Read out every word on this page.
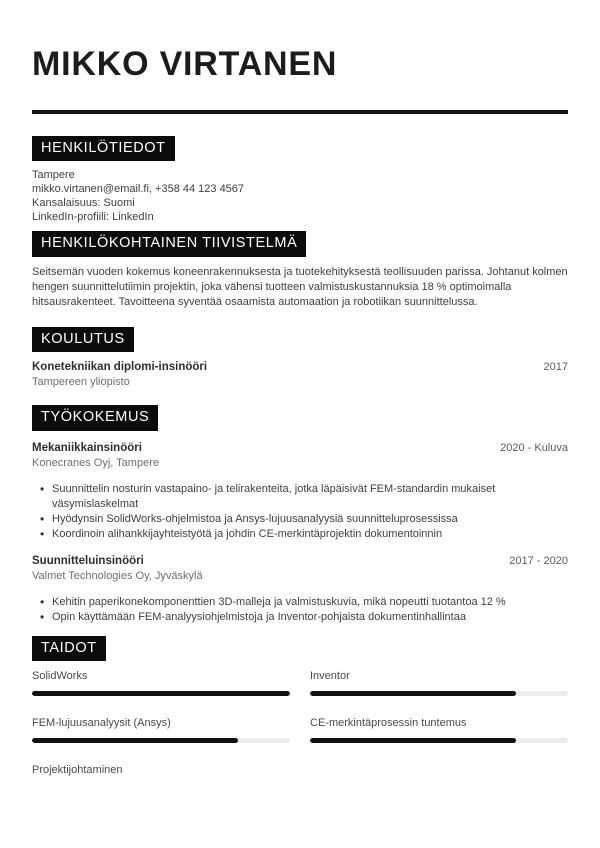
MIKKO VIRTANEN
HENKILÖTIEDOT
Tampere
mikko.virtanen@email.fi, +358 44 123 4567
Kansalaisuus: Suomi
LinkedIn-profiili: LinkedIn
HENKILÖKOHTAINEN TIIVISTELMÄ

Seitsemän vuoden kokemus koneenrakennuksesta ja tuotekehityksestä teollisuuden parissa. Johtanut kolmen hengen suunnittelutiimin projektin, joka vähensi tuotteen valmistuskustannuksia 18 % optimoimalla hitsausrakenteet. Tavoitteena syventää osaamista automaation ja robotiikan suunnittelussa.

KOULUTUS
Konetekniikan diplomi-insinööri	2017
Tampereen yliopisto
TYÖKOKEMUS
Mekaniikkainsinööri	2020 - Kuluva
Konecranes Oyj, Tampere
• Suunnittelin nosturin vastapaino- ja telirakenteita, jotka läpäisivät FEM-standardin mukaiset väsymislaskelmat
• Hyödynsin SolidWorks-ohjelmistoa ja Ansys-lujuusanalyysiä suunnitteluprosessissa
• Koordinoin alihankkijayhteistyötä ja johdin CE-merkintäprojektin dokumentoinnin
Suunnitteluinsinööri	2017 - 2020
Valmet Technologies Oy, Jyväskylä
• Kehitin paperikonekomponenttien 3D-malleja ja valmistuskuvia, mikä nopeutti tuotantoa 12 %
• Opin käyttämään FEM-analyysiohjelmistoja ja Inventor-pohjaista dokumentinhallintaa
TAIDOT
SolidWorks	Inventor
FEM-lujuusanalyysit (Ansys)	CE-merkintäprosessin tuntemus
Projektijohtaminen
